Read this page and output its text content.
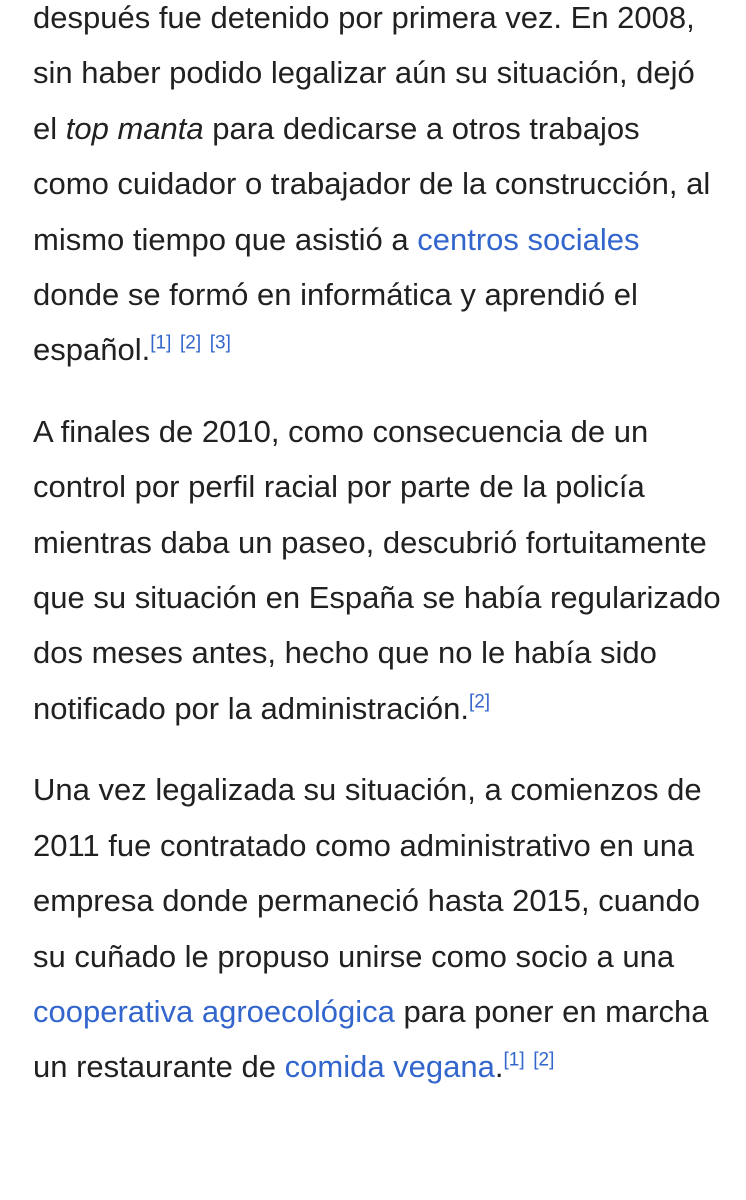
después fue detenido por primera vez. En 2008, sin haber podido legalizar aún su situación, dejó el top manta para dedicarse a otros trabajos como cuidador o trabajador de la construcción, al mismo tiempo que asistió a centros sociales donde se formó en informática y aprendió el español.[1] [2] [3]

A finales de 2010, como consecuencia de un control por perfil racial por parte de la policía mientras daba un paseo, descubrió fortuitamente que su situación en España se había regularizado dos meses antes, hecho que no le había sido notificado por la administración.[2]

Una vez legalizada su situación, a comienzos de 2011 fue contratado como administrativo en una empresa donde permaneció hasta 2015, cuando su cuñado le propuso unirse como socio a una cooperativa agroecológica para poner en marcha un restaurante de comida vegana.[1] [2]
